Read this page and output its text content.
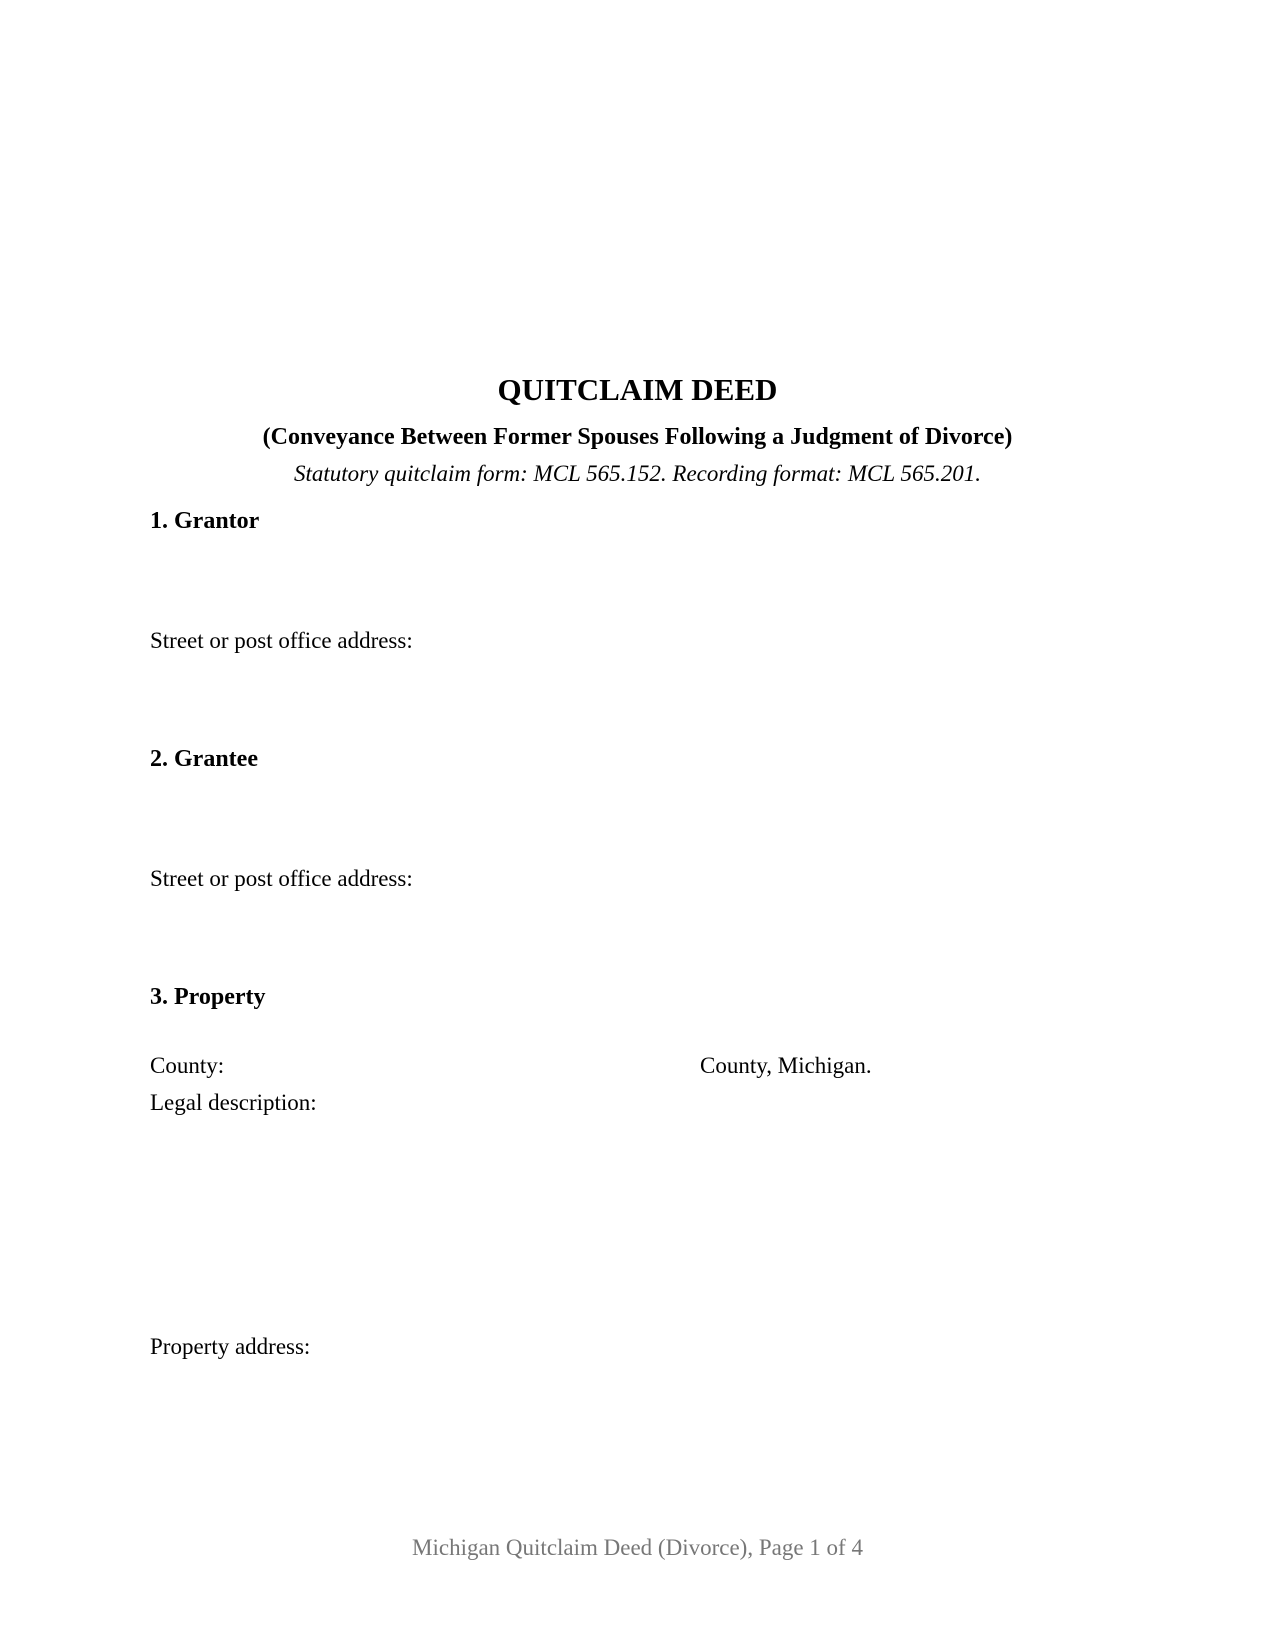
QUITCLAIM DEED
(Conveyance Between Former Spouses Following a Judgment of Divorce)
Statutory quitclaim form: MCL 565.152. Recording format: MCL 565.201.
1. Grantor
Street or post office address:
2. Grantee
Street or post office address:
3. Property
County:	County, Michigan.
Legal description:
Property address:
Michigan Quitclaim Deed (Divorce), Page 1 of 4
